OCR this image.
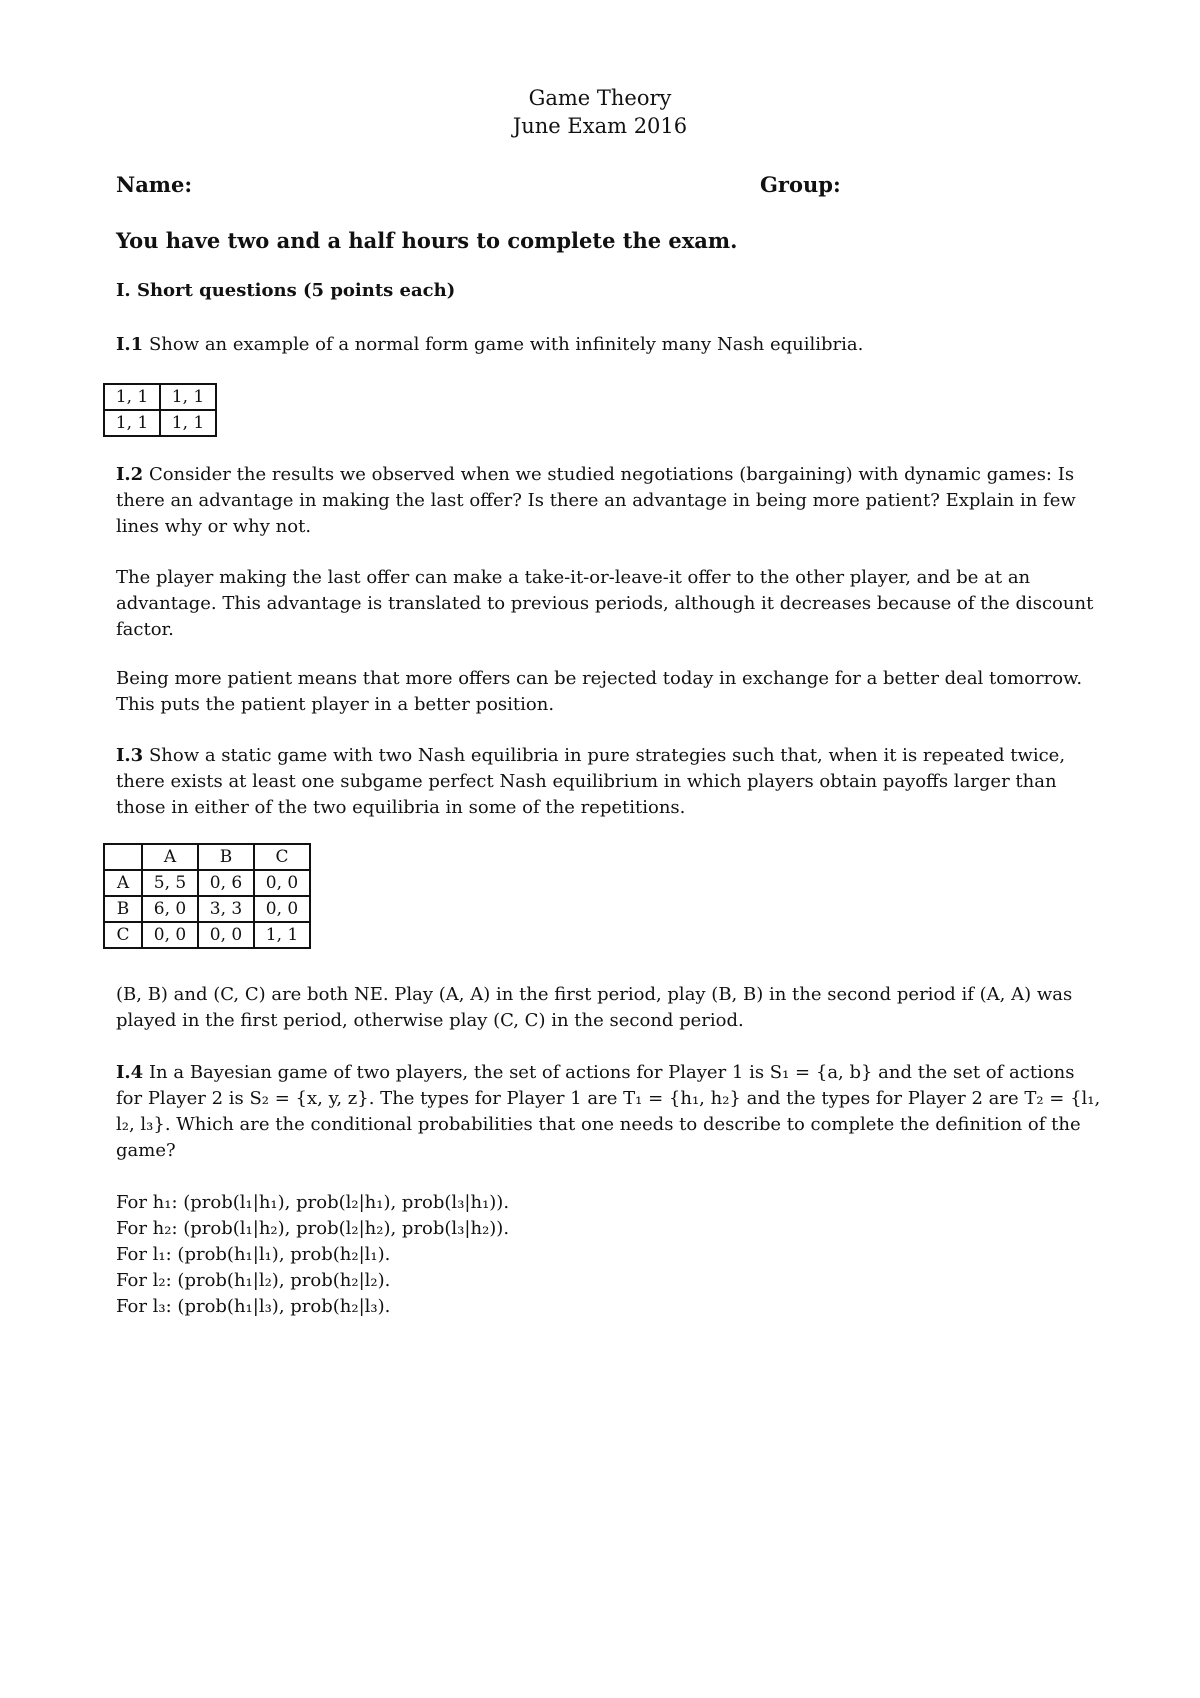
Game Theory
June Exam 2016
Name:	Group:
You have two and a half hours to complete the exam.
I. Short questions (5 points each)
I.1 Show an example of a normal form game with infinitely many Nash equilibria.
1, 1	1, 1
1, 1	1, 1
I.2 Consider the results we observed when we studied negotiations (bargaining) with dynamic games: Is there an advantage in making the last offer? Is there an advantage in being more patient? Explain in few lines why or why not.
The player making the last offer can make a take-it-or-leave-it offer to the other player, and be at an advantage. This advantage is translated to previous periods, although it decreases because of the discount factor.
Being more patient means that more offers can be rejected today in exchange for a better deal tomorrow. This puts the patient player in a better position.
I.3 Show a static game with two Nash equilibria in pure strategies such that, when it is repeated twice, there exists at least one subgame perfect Nash equilibrium in which players obtain payoffs larger than those in either of the two equilibria in some of the repetitions.
	A	B	C
A	5, 5	0, 6	0, 0
B	6, 0	3, 3	0, 0
C	0, 0	0, 0	1, 1
(B, B) and (C, C) are both NE. Play (A, A) in the first period, play (B, B) in the second period if (A, A) was played in the first period, otherwise play (C, C) in the second period.
I.4 In a Bayesian game of two players, the set of actions for Player 1 is S₁ = {a, b} and the set of actions for Player 2 is S₂ = {x, y, z}. The types for Player 1 are T₁ = {h₁, h₂} and the types for Player 2 are T₂ = {l₁, l₂, l₃}. Which are the conditional probabilities that one needs to describe to complete the definition of the game?
For h₁: (prob(l₁|h₁), prob(l₂|h₁), prob(l₃|h₁)).
For h₂: (prob(l₁|h₂), prob(l₂|h₂), prob(l₃|h₂)).
For l₁: (prob(h₁|l₁), prob(h₂|l₁).
For l₂: (prob(h₁|l₂), prob(h₂|l₂).
For l₃: (prob(h₁|l₃), prob(h₂|l₃).
